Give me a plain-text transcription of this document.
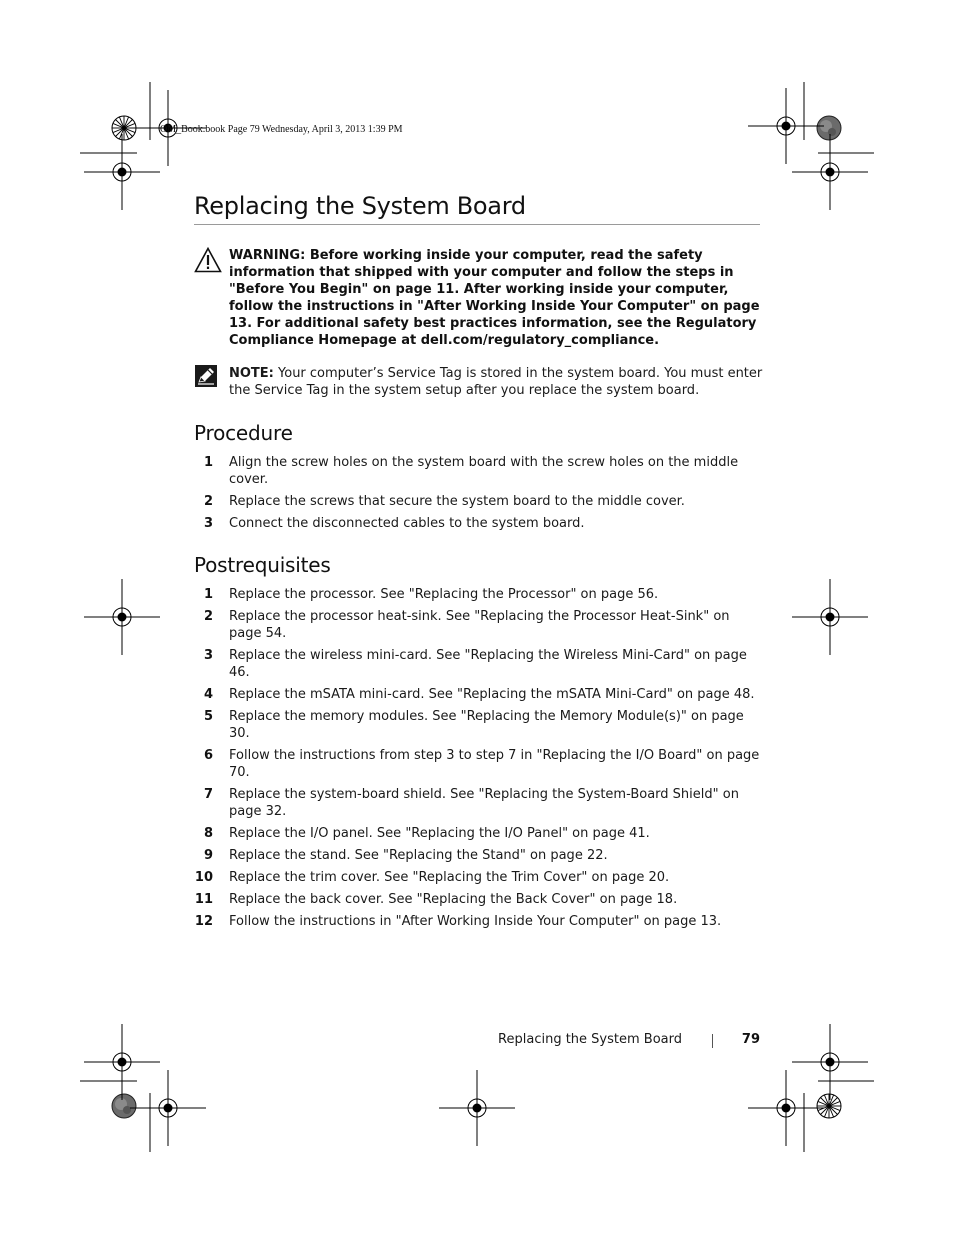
OM_Book.book Page 79 Wednesday, April 3, 2013 1:39 PM
Replacing the System Board
WARNING: Before working inside your computer, read the safety information that shipped with your computer and follow the steps in "Before You Begin" on page 11. After working inside your computer, follow the instructions in "After Working Inside Your Computer" on page 13. For additional safety best practices information, see the Regulatory Compliance Homepage at dell.com/regulatory_compliance.
NOTE: Your computer’s Service Tag is stored in the system board. You must enter the Service Tag in the system setup after you replace the system board.
Procedure
1 Align the screw holes on the system board with the screw holes on the middle cover.
2 Replace the screws that secure the system board to the middle cover.
3 Connect the disconnected cables to the system board.
Postrequisites
1 Replace the processor. See "Replacing the Processor" on page 56.
2 Replace the processor heat-sink. See "Replacing the Processor Heat-Sink" on page 54.
3 Replace the wireless mini-card. See "Replacing the Wireless Mini-Card" on page 46.
4 Replace the mSATA mini-card. See "Replacing the mSATA Mini-Card" on page 48.
5 Replace the memory modules. See "Replacing the Memory Module(s)" on page 30.
6 Follow the instructions from step 3 to step 7 in "Replacing the I/O Board" on page 70.
7 Replace the system-board shield. See "Replacing the System-Board Shield" on page 32.
8 Replace the I/O panel. See "Replacing the I/O Panel" on page 41.
9 Replace the stand. See "Replacing the Stand" on page 22.
10 Replace the trim cover. See "Replacing the Trim Cover" on page 20.
11 Replace the back cover. See "Replacing the Back Cover" on page 18.
12 Follow the instructions in "After Working Inside Your Computer" on page 13.
Replacing the System Board	79
